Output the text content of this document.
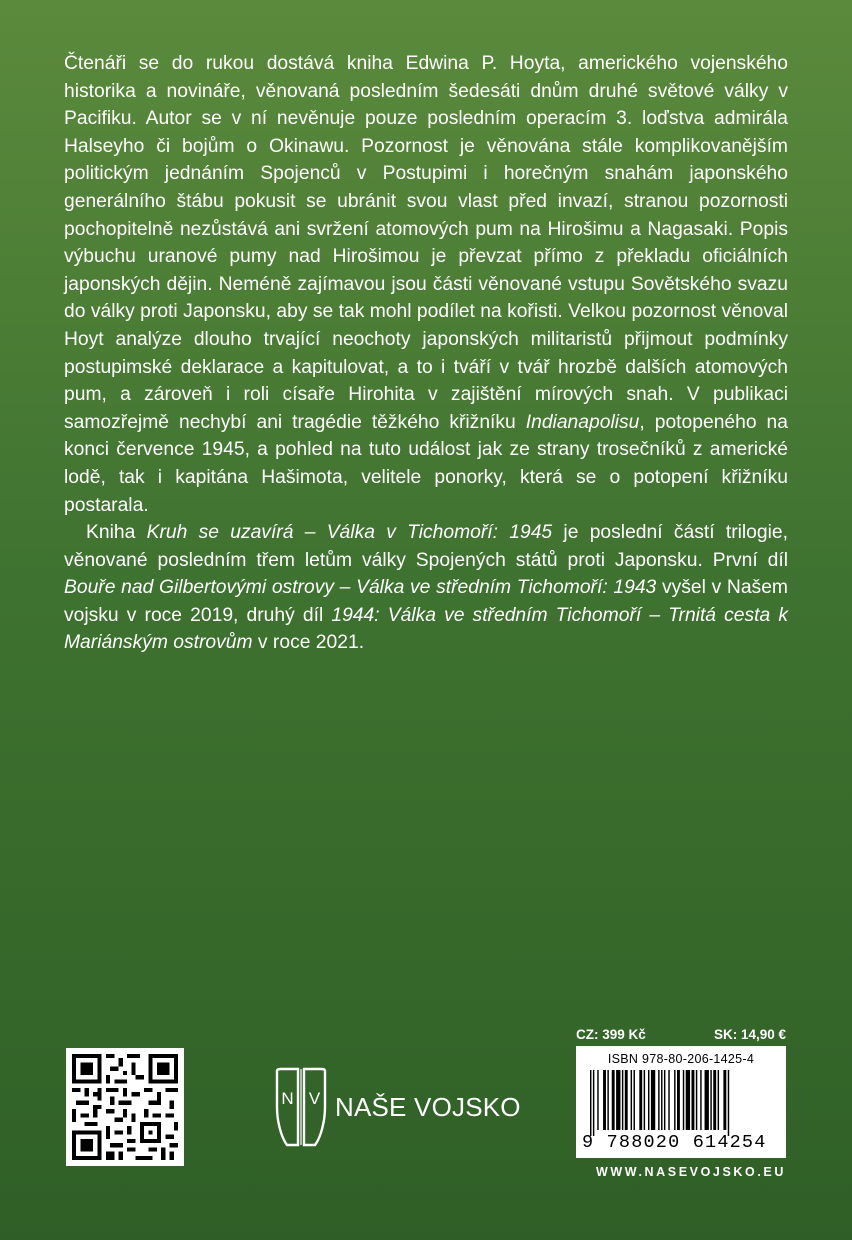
Čtenáři se do rukou dostává kniha Edwina P. Hoyta, amerického vojenského historika a novináře, věnovaná posledním šedesáti dnům druhé světové války v Pacifiku. Autor se v ní nevěnuje pouze posledním operacím 3. loďstva admirála Halseyho či bojům o Okinawu. Pozornost je věnována stále komplikovanějším politickým jednáním Spojenců v Postupimi i horečným snahám japonského generálního štábu pokusit se ubránit svou vlast před invazí, stranou pozornosti pochopitelně nezůstává ani svržení atomových pum na Hirošimu a Nagasaki. Popis výbuchu uranové pumy nad Hirošimou je převzat přímo z překladu oficiálních japonských dějin. Neméně zajímavou jsou části věnované vstupu Sovětského svazu do války proti Japonsku, aby se tak mohl podílet na kořisti. Velkou pozornost věnoval Hoyt analýze dlouho trvající neochoty japonských militaristů přijmout podmínky postupimské deklarace a kapitulovat, a to i tváří v tvář hrozbě dalších atomových pum, a zároveň i roli císaře Hirohita v zajištění mírových snah. V publikaci samozřejmě nechybí ani tragédie těžkého křižníku Indianapolisu, potopeného na konci července 1945, a pohled na tuto událost jak ze strany trosečníků z americké lodě, tak i kapitána Hašimota, velitele ponorky, která se o potopení křižníku postarala.

Kniha Kruh se uzavírá – Válka v Tichomoří: 1945 je poslední částí trilogie, věnované posledním třem letům války Spojených států proti Japonsku. První díl Bouře nad Gilbertovými ostrovy – Válka ve středním Tichomoří: 1943 vyšel v Našem vojsku v roce 2019, druhý díl 1944: Válka ve středním Tichomoří – Trnitá cesta k Mariánským ostrovům v roce 2021.

N V NAŠE VOJSKO
CZ: 399 Kč	SK: 14,90 €
ISBN 978-80-206-1425-4
9 788020 614254
WWW.NASEVOJSKO.EU
